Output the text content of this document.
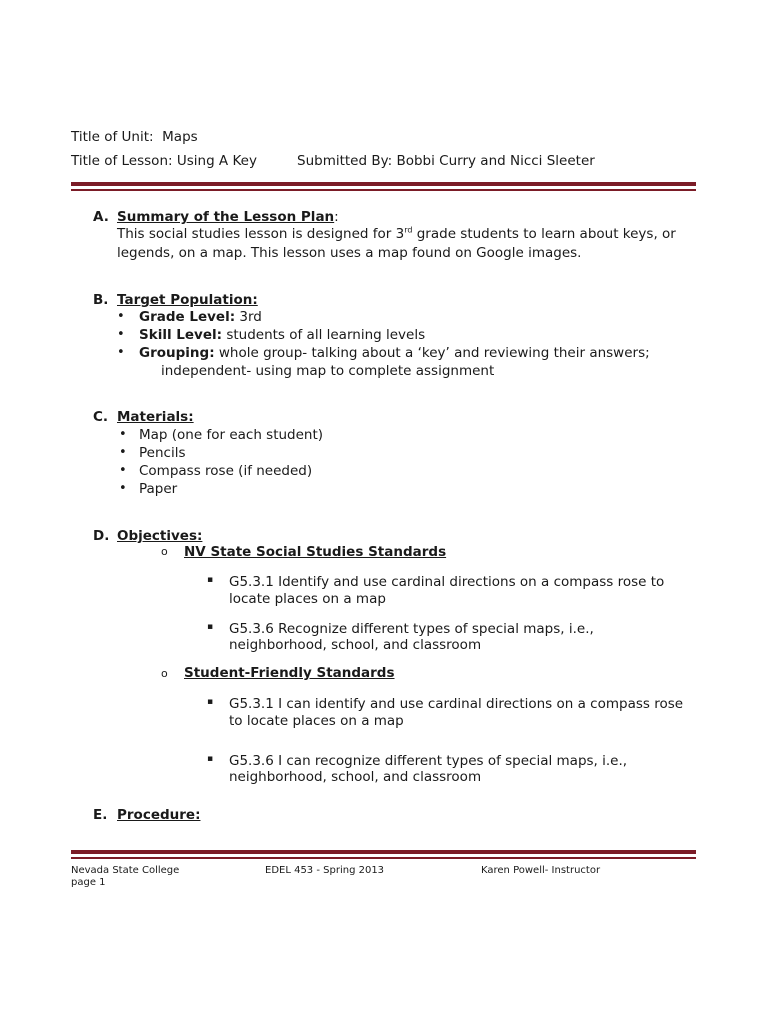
Title of Unit: Maps
Title of Lesson: Using A Key	Submitted By: Bobbi Curry and Nicci Sleeter
A. Summary of the Lesson Plan:
This social studies lesson is designed for 3rd grade students to learn about keys, or
legends, on a map. This lesson uses a map found on Google images.
B. Target Population:
• Grade Level: 3rd
• Skill Level: students of all learning levels
• Grouping: whole group- talking about a ‘key’ and reviewing their answers;
independent- using map to complete assignment
C. Materials:
• Map (one for each student)
• Pencils
• Compass rose (if needed)
• Paper
D. Objectives:
o NV State Social Studies Standards
▪ G5.3.1 Identify and use cardinal directions on a compass rose to
locate places on a map
▪ G5.3.6 Recognize different types of special maps, i.e.,
neighborhood, school, and classroom
o Student-Friendly Standards
▪ G5.3.1 I can identify and use cardinal directions on a compass rose
to locate places on a map
▪ G5.3.6 I can recognize different types of special maps, i.e.,
neighborhood, school, and classroom
E. Procedure:
Nevada State College	EDEL 453 - Spring 2013	Karen Powell- Instructor
page 1
